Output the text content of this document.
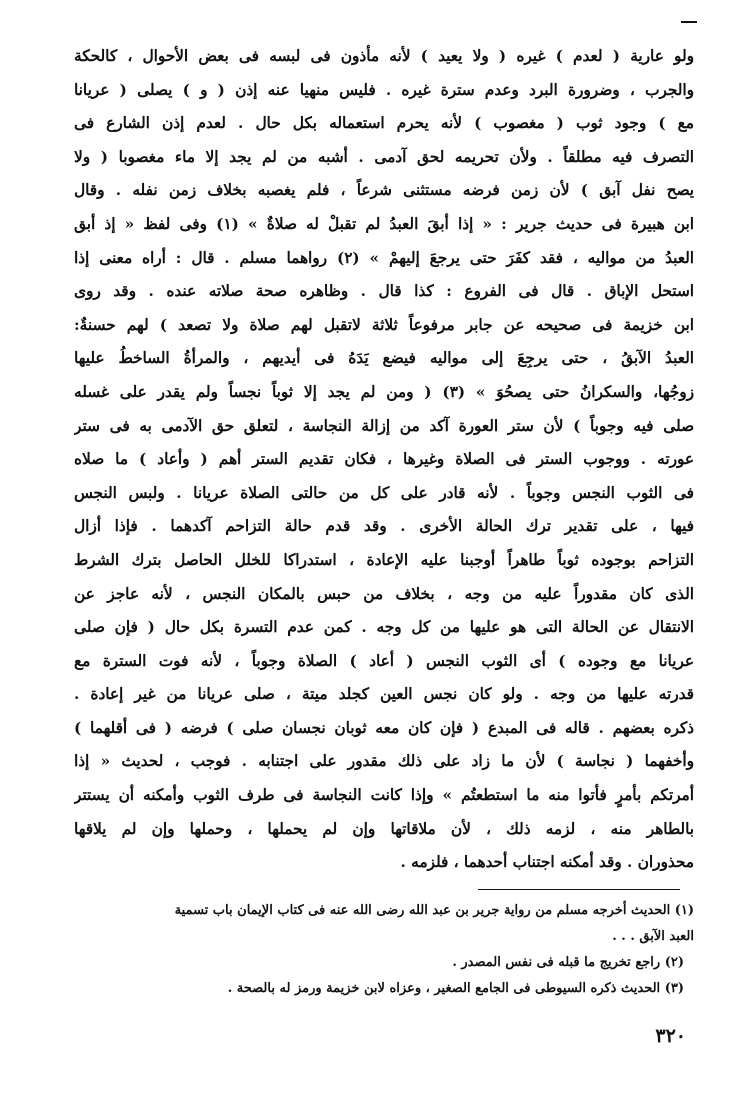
ولو عارية ( لعدم ) غيره ( ولا يعيد ) لأنه مأذون فى لبسه فى بعض الأحوال ، كالحكة
والجرب ، وضرورة البرد وعدم سترة غيره . فليس منهيا عنه إذن ( و ) يصلى ( عريانا
مع ) وجود ثوب ( مغصوب ) لأنه يحرم استعماله بكل حال . لعدم إذن الشارع فى
التصرف فيه مطلقاً . ولأن تحريمه لحق آدمى . أشبه من لم يجد إلا ماء مغصوبا ( ولا
يصح نفل آبق ) لأن زمن فرضه مستثنى شرعاً ، فلم يغصبه بخلاف زمن نفله . وقال
ابن هبيرة فى حديث جرير : « إذا أبقَ العبدُ لم تقبلْ له صلاةٌ » (١) وفى لفظ « إذ أبق
العبدُ من مواليه ، فقد كفَرَ حتى يرجعَ إليهمْ » (٢) رواهما مسلم . قال : أراه معنى إذا
استحل الإباق . قال فى الفروع : كذا قال . وظاهره صحة صلاته عنده . وقد روى
ابن خزيمة فى صحيحه عن جابر مرفوعاً ثلاثة لاتقبل لهم صلاة ولا تصعد ) لهم حسنةٌ:
العبدُ الآبقُ ، حتى يرجِعَ إلى مواليه فيضع يَدَهُ فى أيديهم ، والمرأةُ الساخطُ عليها
زوجُها، والسكرانُ حتى يصحُوَ » (٣) ( ومن لم يجد إلا ثوباً نجساً ولم يقدر على غسله
صلى فيه وجوباً ) لأن ستر العورة آكد من إزالة النجاسة ، لتعلق حق الآدمى به فى ستر
عورته . ووجوب الستر فى الصلاة وغيرها ، فكان تقديم الستر أهم ( وأعاد ) ما صلاه
فى الثوب النجس وجوباً . لأنه قادر على كل من حالتى الصلاة عريانا . ولبس النجس
فيها ، على تقدير ترك الحالة الأخرى . وقد قدم حالة التزاحم آكدهما . فإذا أزال
التزاحم بوجوده ثوباً طاهراً أوجبنا عليه الإعادة ، استدراكا للخلل الحاصل بترك الشرط
الذى كان مقدوراً عليه من وجه ، بخلاف من حبس بالمكان النجس ، لأنه عاجز عن
الانتقال عن الحالة التى هو عليها من كل وجه . كمن عدم التسرة بكل حال ( فإن صلى
عريانا مع وجوده ) أى الثوب النجس ( أعاد ) الصلاة وجوباً ، لأنه فوت السترة مع
قدرته عليها من وجه . ولو كان نجس العين كجلد ميتة ، صلى عريانا من غير إعادة .
ذكره بعضهم . قاله فى المبدع ( فإن كان معه ثوبان نجسان صلى ) فرضه ( فى أقلهما )
وأخفهما ( نجاسة ) لأن ما زاد على ذلك مقدور على اجتنابه . فوجب ، لحديث « إذا
أمرتكم بأمرٍ فأتوا منه ما استطعتُم » وإذا كانت النجاسة فى طرف الثوب وأمكنه أن يستتر
بالطاهر منه ، لزمه ذلك ، لأن ملاقاتها وإن لم يحملها ، وحملها وإن لم يلاقها
محذوران . وقد أمكنه اجتناب أحدهما ، فلزمه .
(١) الحديث أخرجه مسلم من رواية جرير بن عبد الله رضى الله عنه فى كتاب الإيمان باب تسمية
العبد الآبق . . .
(٢) راجع تخريج ما قبله فى نفس المصدر .
(٣) الحديث ذكره السيوطى فى الجامع الصغير ، وعزاه لابن خزيمة ورمز له بالصحة .
٣٢٠
